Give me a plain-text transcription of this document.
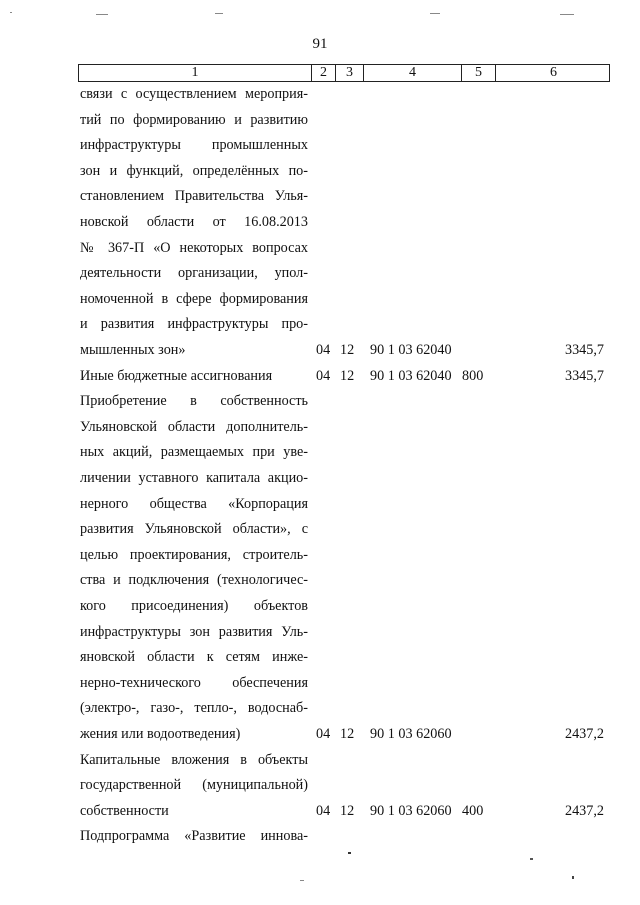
91
1	2	3	4	5	6
связи с осуществлением мероприя-
тий по формированию и развитию
инфраструктуры промышленных
зон и функций, определённых по-
становлением Правительства Улья-
новской области от 16.08.2013
№ 367-П «О некоторых вопросах
деятельности организации, упол-
номоченной в сфере формирования
и развития инфраструктуры про-
мышленных зон»	04 12 90 1 03 62040	3345,7
Иные бюджетные ассигнования	04 12 90 1 03 62040 800	3345,7
Приобретение в собственность
Ульяновской области дополнитель-
ных акций, размещаемых при уве-
личении уставного капитала акцио-
нерного общества «Корпорация
развития Ульяновской области», с
целью проектирования, строитель-
ства и подключения (технологичес-
кого присоединения) объектов
инфраструктуры зон развития Уль-
яновской области к сетям инже-
нерно-технического обеспечения
(электро-, газо-, тепло-, водоснаб-
жения или водоотведения)	04 12 90 1 03 62060	2437,2
Капитальные вложения в объекты
государственной (муниципальной)
собственности	04 12 90 1 03 62060 400	2437,2
Подпрограмма «Развитие иннова-
